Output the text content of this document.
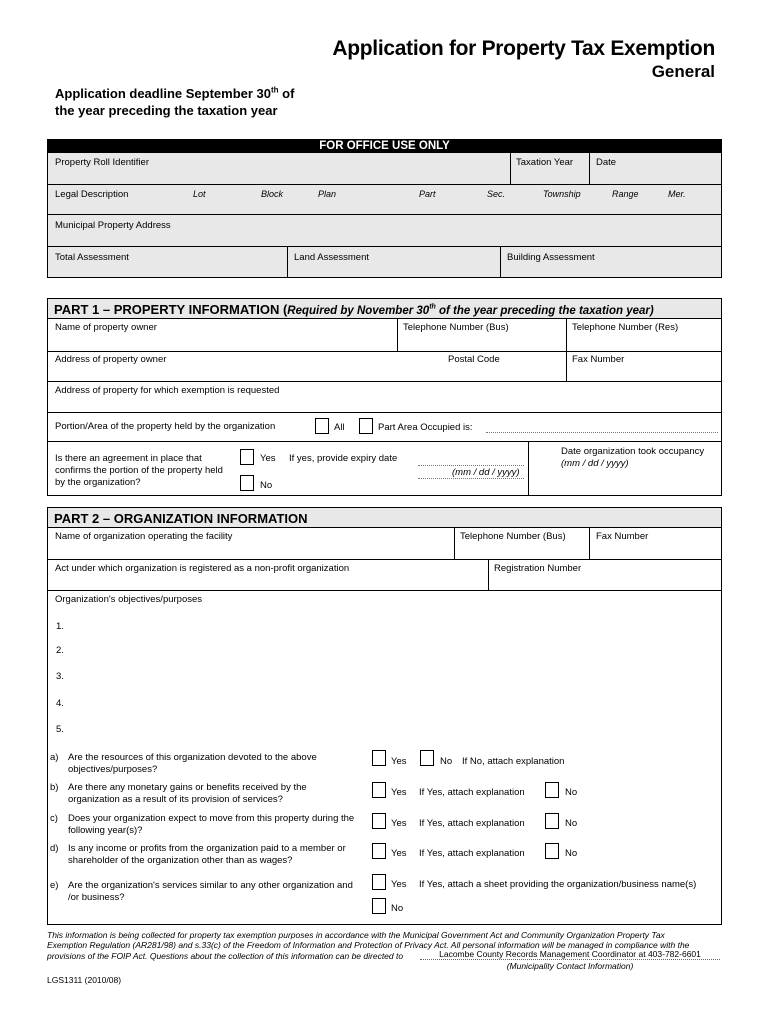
Application for Property Tax Exemption
General
Application deadline September 30th of
the year preceding the taxation year
FOR OFFICE USE ONLY
Property Roll Identifier	Taxation Year Date
Legal Description	Lot	Block	Plan	Part	Sec.	Township	Range	Mer.
Municipal Property Address
Total Assessment	Land Assessment	Building Assessment
PART 1 – PROPERTY INFORMATION (Required by November 30th of the year preceding the taxation year)
Name of property owner	Telephone Number (Bus)	Telephone Number (Res)
Address of property owner	Postal Code	Fax Number
Address of property for which exemption is requested
Portion/Area of the property held by the organization	All	Part Area Occupied is:
Is there an agreement in place that confirms the portion of the property held by the organization?
Yes If yes, provide expiry date
No
(mm / dd / yyyy)
Date organization took occupancy
(mm / dd / yyyy)
PART 2 – ORGANIZATION INFORMATION
Name of organization operating the facility	Telephone Number (Bus)	Fax Number
Act under which organization is registered as a non-profit organization	Registration Number
Organization's objectives/purposes
1.
2.
3.
4.
5.
a) Are the resources of this organization devoted to the above objectives/purposes?
Yes	No If No, attach explanation
b) Are there any monetary gains or benefits received by the organization as a result of its provision of services?
Yes If Yes, attach explanation	No
c) Does your organization expect to move from this property during the following year(s)?
Yes If Yes, attach explanation	No
d) Is any income or profits from the organization paid to a member or shareholder of the organization other than as wages?
Yes If Yes, attach explanation	No
e) Are the organization's services similar to any other organization and /or business?
Yes If Yes, attach a sheet providing the organization/business name(s)
No
This information is being collected for property tax exemption purposes in accordance with the Municipal Government Act and Community Organization Property Tax
Exemption Regulation (AR281/98) and s.33(c) of the Freedom of Information and Protection of Privacy Act. All personal information will be managed in compliance with the
provisions of the FOIP Act. Questions about the collection of this information can be directed to	Lacombe County Records Management Coordinator at 403-782-6601
(Municipality Contact Information)
LGS1311 (2010/08)
